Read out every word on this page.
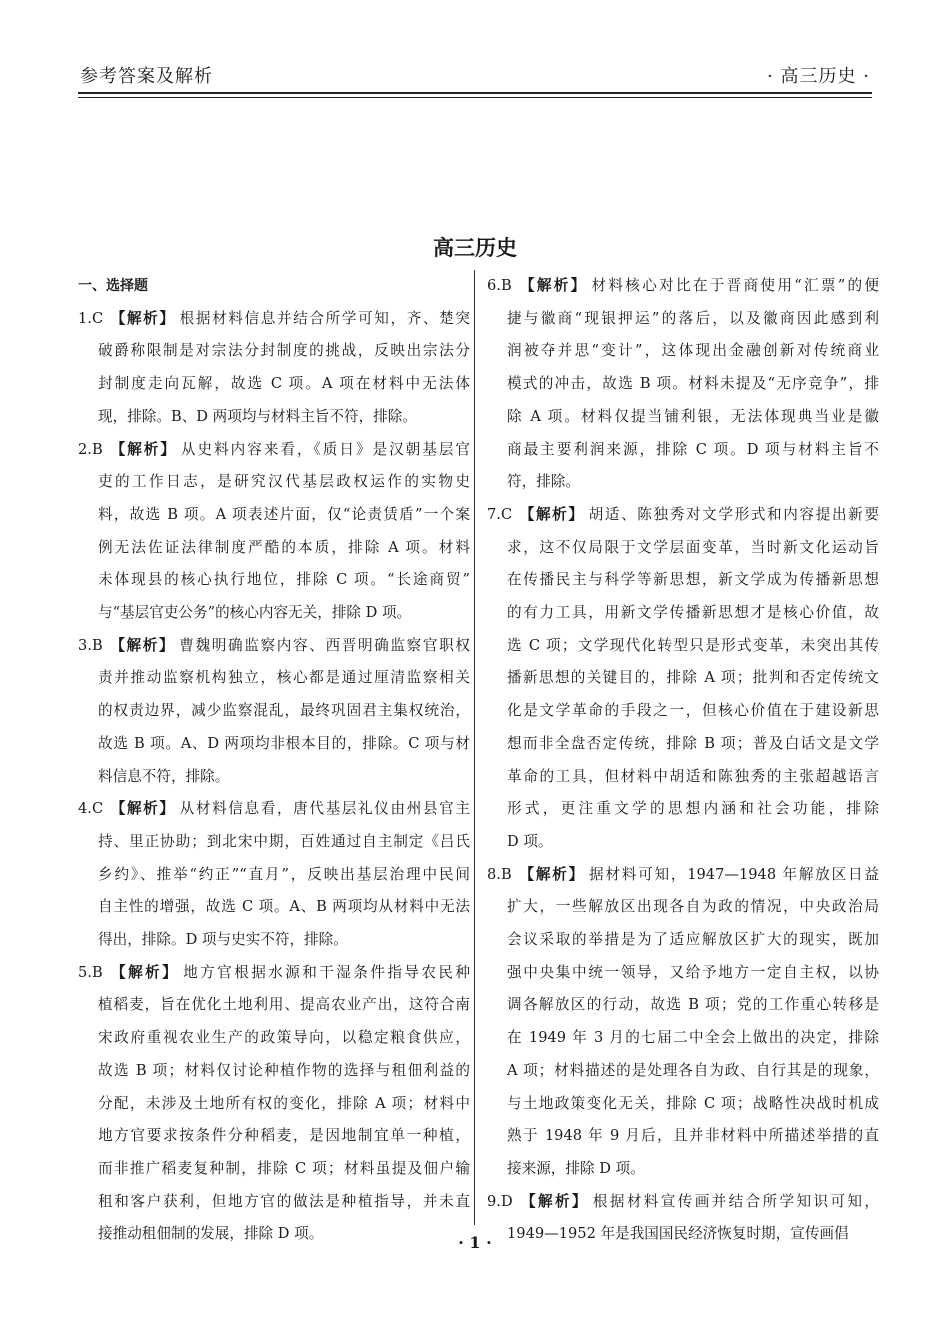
参考答案及解析	· 高三历史 ·
高三历史
一、选择题
1.C 【解析】 根据材料信息并结合所学可知，齐、楚突
破爵称限制是对宗法分封制度的挑战，反映出宗法分
封制度走向瓦解，故选 C 项。A 项在材料中无法体
现，排除。B、D 两项均与材料主旨不符，排除。
2.B 【解析】 从史料内容来看，《质日》是汉朝基层官
吏的工作日志，是研究汉代基层政权运作的实物史
料，故选 B 项。A 项表述片面，仅“论责赁盾”一个案
例无法佐证法律制度严酷的本质，排除 A 项。材料
未体现县的核心执行地位，排除 C 项。“长途商贸”
与“基层官吏公务”的核心内容无关，排除 D 项。
3.B 【解析】 曹魏明确监察内容、西晋明确监察官职权
责并推动监察机构独立，核心都是通过厘清监察相关
的权责边界，减少监察混乱，最终巩固君主集权统治，
故选 B 项。A、D 两项均非根本目的，排除。C 项与材
料信息不符，排除。
4.C 【解析】 从材料信息看，唐代基层礼仪由州县官主
持、里正协助；到北宋中期，百姓通过自主制定《吕氏
乡约》、推举“约正”“直月”，反映出基层治理中民间
自主性的增强，故选 C 项。A、B 两项均从材料中无法
得出，排除。D 项与史实不符，排除。
5.B 【解析】 地方官根据水源和干湿条件指导农民种
植稻麦，旨在优化土地利用、提高农业产出，这符合南
宋政府重视农业生产的政策导向，以稳定粮食供应，
故选 B 项；材料仅讨论种植作物的选择与租佃利益的
分配，未涉及土地所有权的变化，排除 A 项；材料中
地方官要求按条件分种稻麦，是因地制宜单一种植，
而非推广稻麦复种制，排除 C 项；材料虽提及佃户输
租和客户获利，但地方官的做法是种植指导，并未直
接推动租佃制的发展，排除 D 项。
6.B 【解析】 材料核心对比在于晋商使用“汇票”的便
捷与徽商“现银押运”的落后，以及徽商因此感到利
润被夺并思“变计”，这体现出金融创新对传统商业
模式的冲击，故选 B 项。材料未提及“无序竞争”，排
除 A 项。材料仅提当铺利银，无法体现典当业是徽
商最主要利润来源，排除 C 项。D 项与材料主旨不
符，排除。
7.C 【解析】 胡适、陈独秀对文学形式和内容提出新要
求，这不仅局限于文学层面变革，当时新文化运动旨
在传播民主与科学等新思想，新文学成为传播新思想
的有力工具，用新文学传播新思想才是核心价值，故
选 C 项；文学现代化转型只是形式变革，未突出其传
播新思想的关键目的，排除 A 项；批判和否定传统文
化是文学革命的手段之一，但核心价值在于建设新思
想而非全盘否定传统，排除 B 项；普及白话文是文学
革命的工具，但材料中胡适和陈独秀的主张超越语言
形式，更注重文学的思想内涵和社会功能，排除
D 项。
8.B 【解析】 据材料可知，1947—1948 年解放区日益
扩大，一些解放区出现各自为政的情况，中央政治局
会议采取的举措是为了适应解放区扩大的现实，既加
强中央集中统一领导，又给予地方一定自主权，以协
调各解放区的行动，故选 B 项；党的工作重心转移是
在 1949 年 3 月的七届二中全会上做出的决定，排除
A 项；材料描述的是处理各自为政、自行其是的现象，
与土地政策变化无关，排除 C 项；战略性决战时机成
熟于 1948 年 9 月后，且并非材料中所描述举措的直
接来源，排除 D 项。
9.D 【解析】 根据材料宣传画并结合所学知识可知，
1949—1952 年是我国国民经济恢复时期，宣传画倡
· 1 ·
